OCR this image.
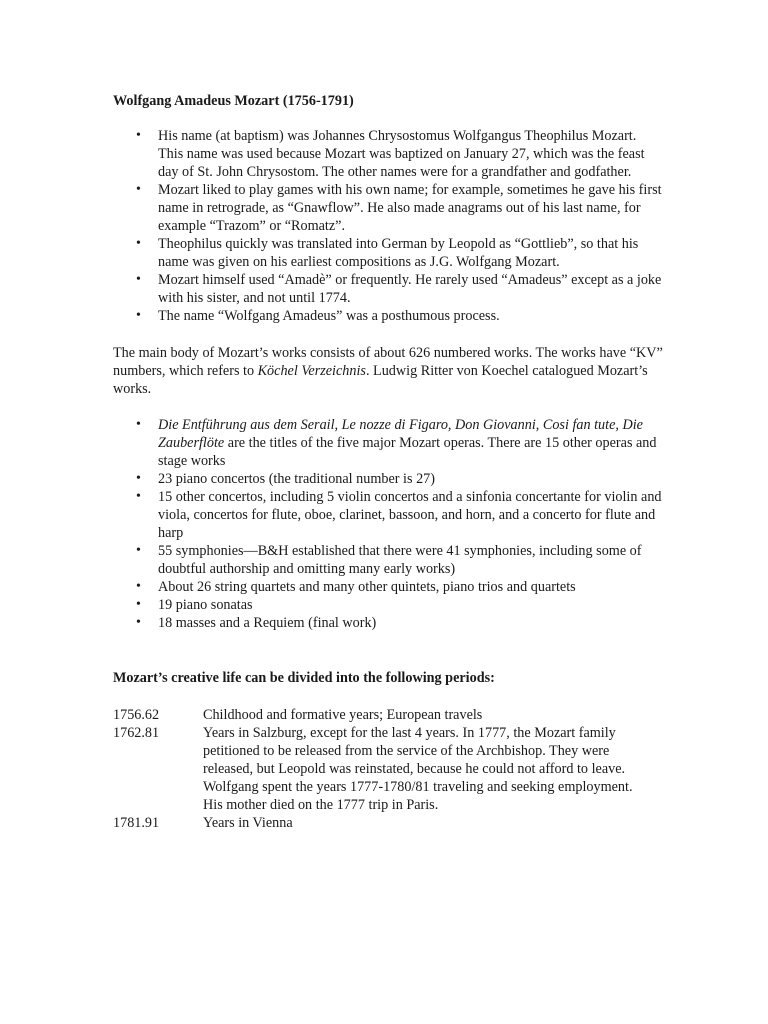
Wolfgang Amadeus Mozart (1756-1791)

• His name (at baptism) was Johannes Chrysostomus Wolfgangus Theophilus Mozart. This name was used because Mozart was baptized on January 27, which was the feast day of St. John Chrysostom. The other names were for a grandfather and godfather.
• Mozart liked to play games with his own name; for example, sometimes he gave his first name in retrograde, as “Gnawflow”. He also made anagrams out of his last name, for example “Trazom” or “Romatz”.
• Theophilus quickly was translated into German by Leopold as “Gottlieb”, so that his name was given on his earliest compositions as J.G. Wolfgang Mozart.
• Mozart himself used “Amadè” or frequently. He rarely used “Amadeus” except as a joke with his sister, and not until 1774.
• The name “Wolfgang Amadeus” was a posthumous process.

The main body of Mozart’s works consists of about 626 numbered works. The works have “KV” numbers, which refers to Köchel Verzeichnis. Ludwig Ritter von Koechel catalogued Mozart’s works.

• Die Entführung aus dem Serail, Le nozze di Figaro, Don Giovanni, Cosi fan tute, Die Zauberflöte are the titles of the five major Mozart operas. There are 15 other operas and stage works
• 23 piano concertos (the traditional number is 27)
• 15 other concertos, including 5 violin concertos and a sinfonia concertante for violin and viola, concertos for flute, oboe, clarinet, bassoon, and horn, and a concerto for flute and harp
• 55 symphonies—B&H established that there were 41 symphonies, including some of doubtful authorship and omitting many early works)
• About 26 string quartets and many other quintets, piano trios and quartets
• 19 piano sonatas
• 18 masses and a Requiem (final work)

Mozart’s creative life can be divided into the following periods:

1756.62	Childhood and formative years; European travels
1762.81	Years in Salzburg, except for the last 4 years. In 1777, the Mozart family petitioned to be released from the service of the Archbishop. They were released, but Leopold was reinstated, because he could not afford to leave. Wolfgang spent the years 1777-1780/81 traveling and seeking employment. His mother died on the 1777 trip in Paris.
1781.91	Years in Vienna
